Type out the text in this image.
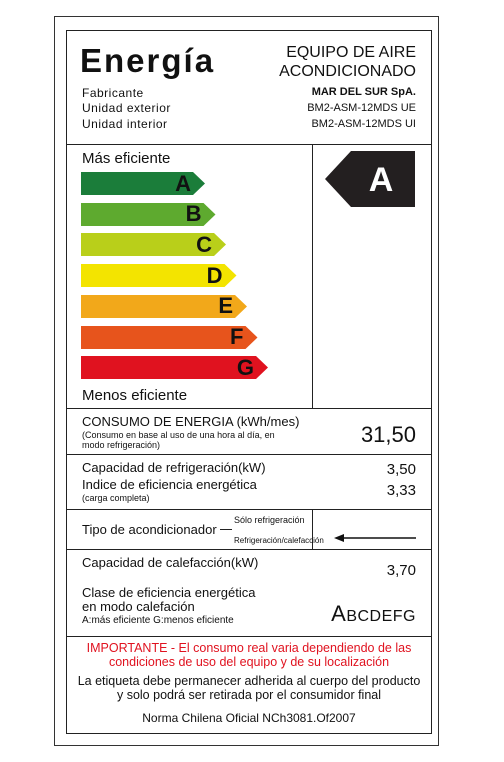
Energía	EQUIPO DE AIRE
ACONDICIONADO
Fabricante	MAR DEL SUR SpA.
Unidad exterior	BM2-ASM-12MDS UE
Unidad interior	BM2-ASM-12MDS UI
Más eficiente
A
B
C
D
E
F
G
Menos eficiente
A
CONSUMO DE ENERGIA (kWh/mes)
(Consumo en base al uso de una hora al día, en
modo refrigeración)	31,50
Capacidad de refrigeración(kW)	3,50
Indice de eficiencia energética
(carga completa)	3,33
Tipo de acondicionador
Sólo refrigeración
Refrigeración/calefacción
Capacidad de calefacción(kW)	3,70
Clase de eficiencia energética
en modo calefación
A:más eficiente G:menos eficiente	ABCDEFG
IMPORTANTE - El consumo real varia dependiendo de las
condiciones de uso del equipo y de su localización
La etiqueta debe permanecer adherida al cuerpo del producto
y solo podrá ser retirada por el consumidor final
Norma Chilena Oficial NCh3081.Of2007
